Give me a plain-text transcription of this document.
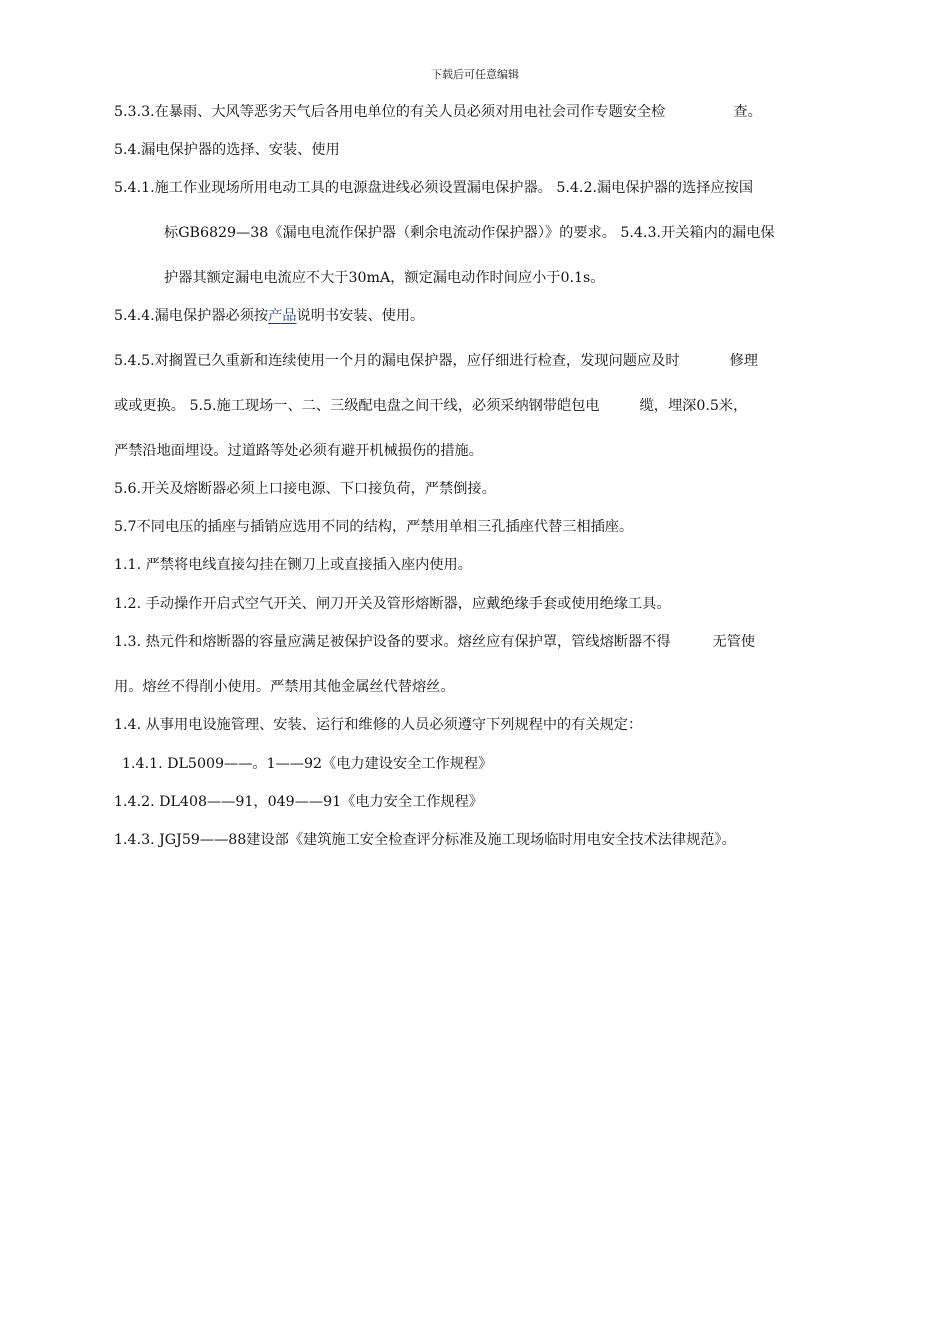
下载后可任意编辑
5.3.3.在暴雨、大风等恶劣天气后各用电单位的有关人员必须对用电社会司作专题安全检	查。
5.4.漏电保护器的选择、安装、使用
5.4.1.施工作业现场所用电动工具的电源盘进线必须设置漏电保护器。 5.4.2.漏电保护器的选择应按国
标GB6829—38《漏电电流作保护器（剩余电流动作保护器）》的要求。 5.4.3.开关箱内的漏电保
护器其额定漏电电流应不大于30mA，额定漏电动作时间应小于0.1s。
5.4.4.漏电保护器必须按产品说明书安装、使用。
5.4.5.对搁置已久重新和连续使用一个月的漏电保护器，应仔细进行检查，发现问题应及时	修理
或或更换。 5.5.施工现场一、二、三级配电盘之间干线，必须采纳钢带皑包电	缆，埋深0.5米，
严禁沿地面埋设。过道路等处必须有避开机械损伤的措施。
5.6.开关及熔断器必须上口接电源、下口接负荷，严禁倒接。
5.7不同电压的插座与插销应选用不同的结构，严禁用单相三孔插座代替三相插座。
1.1. 严禁将电线直接勾挂在铡刀上或直接插入座内使用。
1.2. 手动操作开启式空气开关、闸刀开关及管形熔断器，应戴绝缘手套或使用绝缘工具。
1.3. 热元件和熔断器的容量应满足被保护设备的要求。熔丝应有保护罩，管线熔断器不得	无管使
用。熔丝不得削小使用。严禁用其他金属丝代替熔丝。
1.4. 从事用电设施管理、安装、运行和维修的人员必须遵守下列规程中的有关规定：
1.4.1. DL5009——。1——92《电力建设安全工作规程》
1.4.2. DL408——91，049——91《电力安全工作规程》
1.4.3. JGJ59——88建设部《建筑施工安全检查评分标准及施工现场临时用电安全技术法律规范》。
